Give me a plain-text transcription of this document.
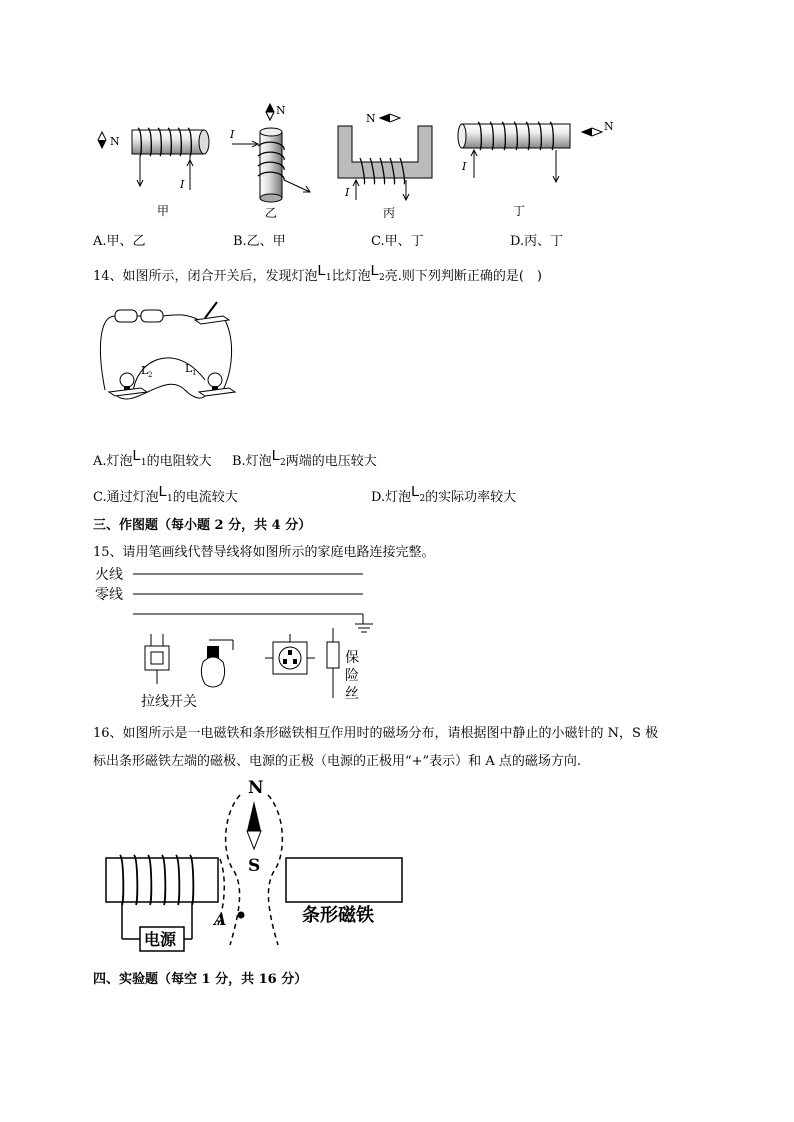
N
I
N
I
N
I
I
N
甲	乙	丙	丁
A.甲、乙	B.乙、甲	C.甲、丁	D.丙、丁
14、如图所示，闭合开关后，发现灯泡L1比灯泡L2亮.则下列判断正确的是(　)
L 2	L 1
A.灯泡L1的电阻较大 B.灯泡L2两端的电压较大
C.通过灯泡L1的电流较大	D.灯泡L2的实际功率较大
三、作图题（每小题 2 分，共 4 分）
15、请用笔画线代替导线将如图所示的家庭电路连接完整。
火线
零线
拉线开关
保
险
丝
16、如图所示是一电磁铁和条形磁铁相互作用时的磁场分布，请根据图中静止的小磁针的 N，S 极
标出条形磁铁左端的磁极、电源的正极（电源的正极用“+”表示）和 A 点的磁场方向.
N
S
电源
A	条形磁铁
四、实验题（每空 1 分，共 16 分）
